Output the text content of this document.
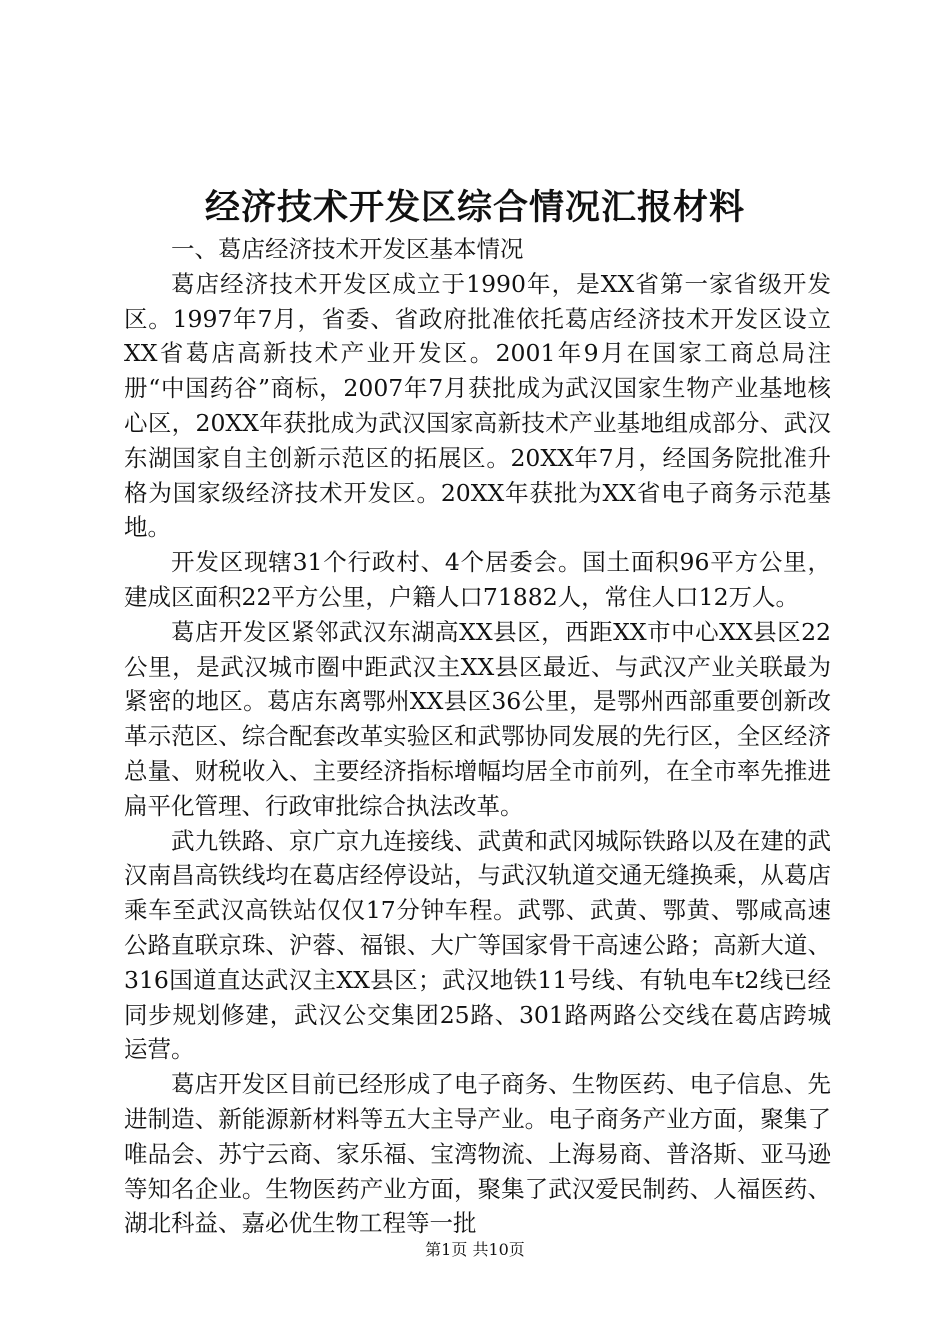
经济技术开发区综合情况汇报材料

一、葛店经济技术开发区基本情况

葛店经济技术开发区成立于1990年，是XX省第一家省级开发区。1997年7月，省委、省政府批准依托葛店经济技术开发区设立XX省葛店高新技术产业开发区。2001年9月在国家工商总局注册“中国药谷”商标，2007年7月获批成为武汉国家生物产业基地核心区，20XX年获批成为武汉国家高新技术产业基地组成部分、武汉东湖国家自主创新示范区的拓展区。20XX年7月，经国务院批准升格为国家级经济技术开发区。20XX年获批为XX省电子商务示范基地。

开发区现辖31个行政村、4个居委会。国土面积96平方公里，建成区面积22平方公里，户籍人口71882人，常住人口12万人。

葛店开发区紧邻武汉东湖高XX县区，西距XX市中心XX县区22公里，是武汉城市圈中距武汉主XX县区最近、与武汉产业关联最为紧密的地区。葛店东离鄂州XX县区36公里，是鄂州西部重要创新改革示范区、综合配套改革实验区和武鄂协同发展的先行区，全区经济总量、财税收入、主要经济指标增幅均居全市前列，在全市率先推进扁平化管理、行政审批综合执法改革。

武九铁路、京广京九连接线、武黄和武冈城际铁路以及在建的武汉南昌高铁线均在葛店经停设站，与武汉轨道交通无缝换乘，从葛店乘车至武汉高铁站仅仅17分钟车程。武鄂、武黄、鄂黄、鄂咸高速公路直联京珠、沪蓉、福银、大广等国家骨干高速公路；高新大道、316国道直达武汉主XX县区；武汉地铁11号线、有轨电车t2线已经同步规划修建，武汉公交集团25路、301路两路公交线在葛店跨城运营。

葛店开发区目前已经形成了电子商务、生物医药、电子信息、先进制造、新能源新材料等五大主导产业。电子商务产业方面，聚集了唯品会、苏宁云商、家乐福、宝湾物流、上海易商、普洛斯、亚马逊等知名企业。生物医药产业方面，聚集了武汉爱民制药、人福医药、湖北科益、嘉必优生物工程等一批

第1页 共10页
